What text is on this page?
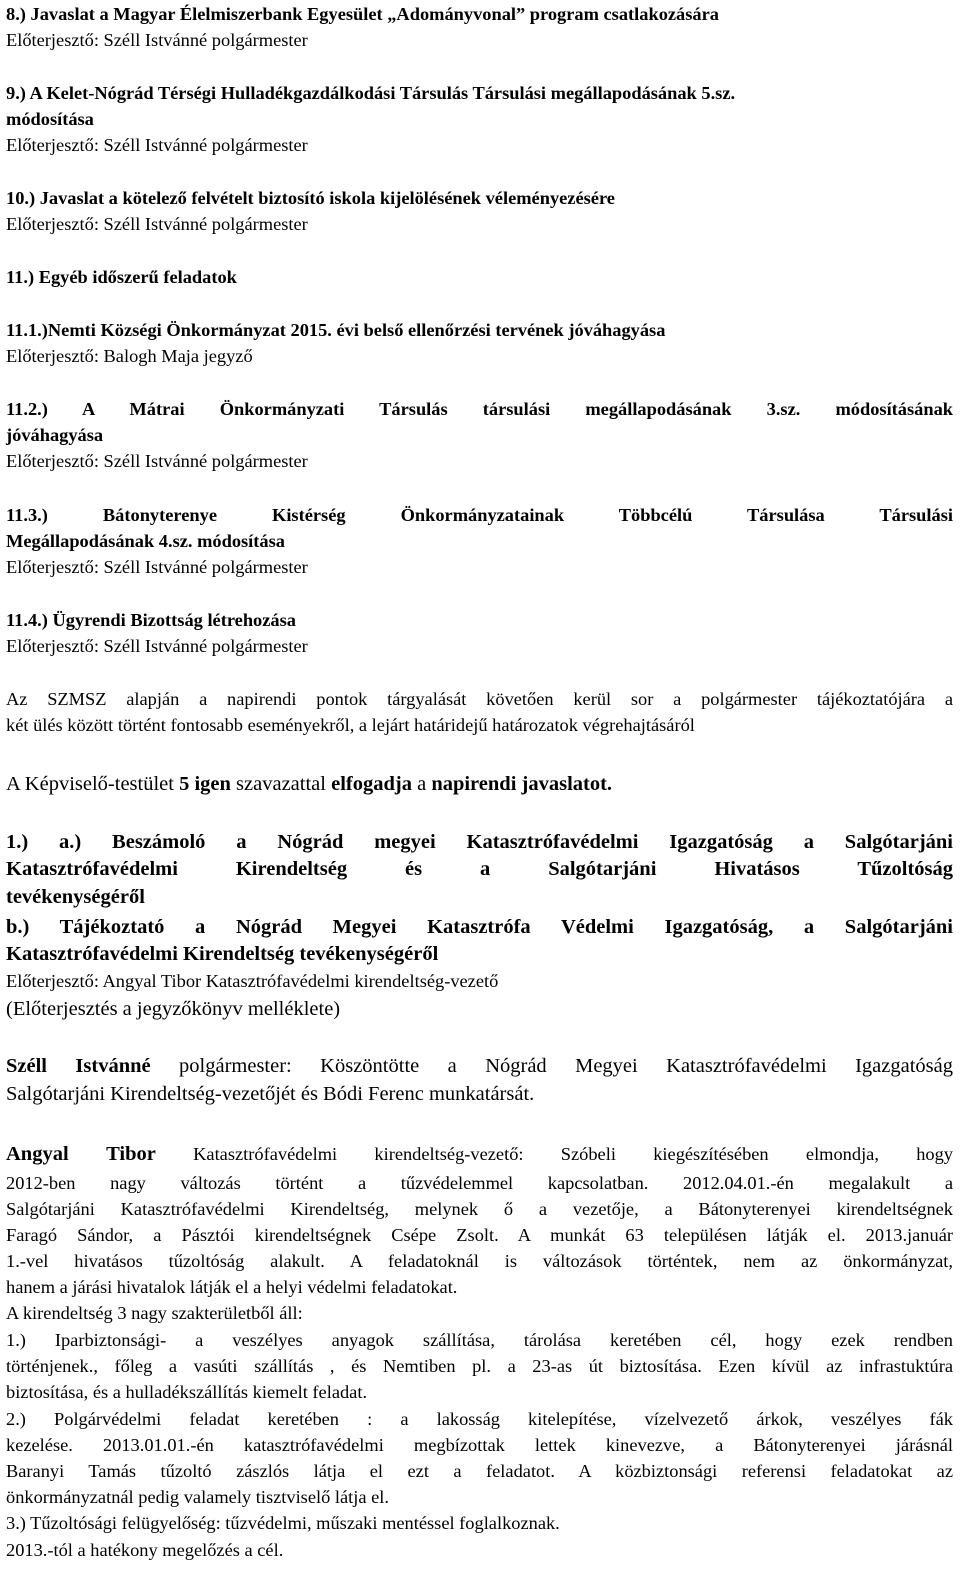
8.) Javaslat a Magyar Élelmiszerbank Egyesület „Adományvonal” program csatlakozására
Előterjesztő: Széll Istvánné polgármester
9.) A Kelet-Nógrád Térségi Hulladékgazdálkodási Társulás Társulási megállapodásának 5.sz.
módosítása
Előterjesztő: Széll Istvánné polgármester
10.) Javaslat a kötelező felvételt biztosító iskola kijelölésének véleményezésére
Előterjesztő: Széll Istvánné polgármester
11.) Egyéb időszerű feladatok
11.1.)Nemti Községi Önkormányzat 2015. évi belső ellenőrzési tervének jóváhagyása
Előterjesztő: Balogh Maja jegyző
11.2.) A Mátrai Önkormányzati Társulás társulási megállapodásának 3.sz. módosításának
jóváhagyása
Előterjesztő: Széll Istvánné polgármester
11.3.) Bátonyterenye Kistérség Önkormányzatainak Többcélú Társulása Társulási
Megállapodásának 4.sz. módosítása
Előterjesztő: Széll Istvánné polgármester
11.4.) Ügyrendi Bizottság létrehozása
Előterjesztő: Széll Istvánné polgármester
Az SZMSZ alapján a napirendi pontok tárgyalását követően kerül sor a polgármester tájékoztatójára a
két ülés között történt fontosabb eseményekről, a lejárt határidejű határozatok végrehajtásáról
A Képviselő-testület 5 igen szavazattal elfogadja a napirendi javaslatot.
1.) a.) Beszámoló a Nógrád megyei Katasztrófavédelmi Igazgatóság a Salgótarjáni
Katasztrófavédelmi Kirendeltség és a Salgótarjáni Hivatásos Tűzoltóság
tevékenységéről
b.) Tájékoztató a Nógrád Megyei Katasztrófa Védelmi Igazgatóság, a Salgótarjáni
Katasztrófavédelmi Kirendeltség tevékenységéről
Előterjesztő: Angyal Tibor Katasztrófavédelmi kirendeltség-vezető
(Előterjesztés a jegyzőkönyv melléklete)
Széll Istvánné polgármester: Köszöntötte a Nógrád Megyei Katasztrófavédelmi Igazgatóság
Salgótarjáni Kirendeltség-vezetőjét és Bódi Ferenc munkatársát.
Angyal Tibor Katasztrófavédelmi kirendeltség-vezető: Szóbeli kiegészítésében elmondja, hogy
2012-ben nagy változás történt a tűzvédelemmel kapcsolatban. 2012.04.01.-én megalakult a
Salgótarjáni Katasztrófavédelmi Kirendeltség, melynek ő a vezetője, a Bátonyterenyei kirendeltségnek
Faragó Sándor, a Pásztói kirendeltségnek Csépe Zsolt. A munkát 63 településen látják el. 2013.január
1.-vel hivatásos tűzoltóság alakult. A feladatoknál is változások történtek, nem az önkormányzat,
hanem a járási hivatalok látják el a helyi védelmi feladatokat.
A kirendeltség 3 nagy szakterületből áll:
1.) Iparbiztonsági- a veszélyes anyagok szállítása, tárolása keretében cél, hogy ezek rendben
történjenek., főleg a vasúti szállítás , és Nemtiben pl. a 23-as út biztosítása. Ezen kívül az infrastuktúra
biztosítása, és a hulladékszállítás kiemelt feladat.
2.) Polgárvédelmi feladat keretében : a lakosság kitelepítése, vízelvezető árkok, veszélyes fák
kezelése. 2013.01.01.-én katasztrófavédelmi megbízottak lettek kinevezve, a Bátonyterenyei járásnál
Baranyi Tamás tűzoltó zászlós látja el ezt a feladatot. A közbiztonsági referensi feladatokat az
önkormányzatnál pedig valamely tisztviselő látja el.
3.) Tűzoltósági felügyelőség: tűzvédelmi, műszaki mentéssel foglalkoznak.
2013.-tól a hatékony megelőzés a cél.
